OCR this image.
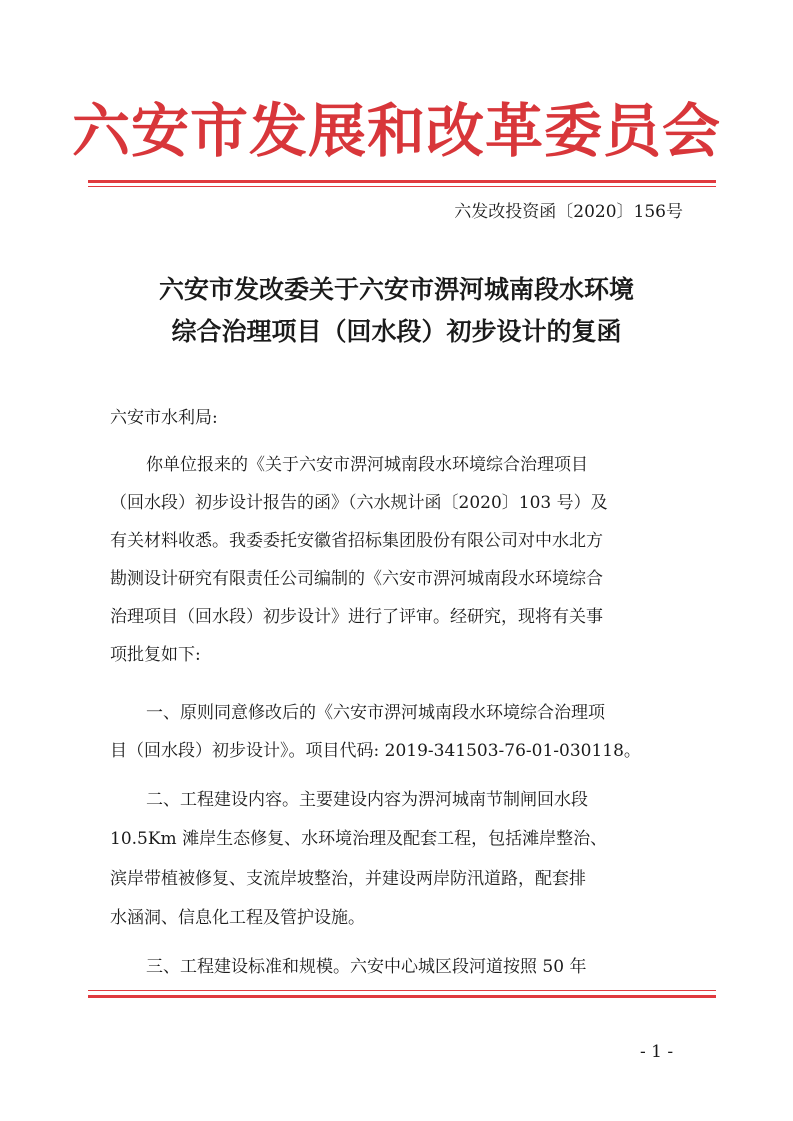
六安市发展和改革委员会
六发改投资函〔2020〕156号
六安市发改委关于六安市淠河城南段水环境
综合治理项目（回水段）初步设计的复函
六安市水利局:
你单位报来的《关于六安市淠河城南段水环境综合治理项目
（回水段）初步设计报告的函》（六水规计函〔2020〕103 号）及
有关材料收悉。我委委托安徽省招标集团股份有限公司对中水北方
勘测设计研究有限责任公司编制的《六安市淠河城南段水环境综合
治理项目（回水段）初步设计》进行了评审。经研究，现将有关事
项批复如下:
一、原则同意修改后的《六安市淠河城南段水环境综合治理项
目（回水段）初步设计》。项目代码: 2019-341503-76-01-030118。
二、工程建设内容。主要建设内容为淠河城南节制闸回水段
10.5Km 滩岸生态修复、水环境治理及配套工程，包括滩岸整治、
滨岸带植被修复、支流岸坡整治，并建设两岸防汛道路，配套排
水涵洞、信息化工程及管护设施。
三、工程建设标准和规模。六安中心城区段河道按照 50 年
- 1 -
